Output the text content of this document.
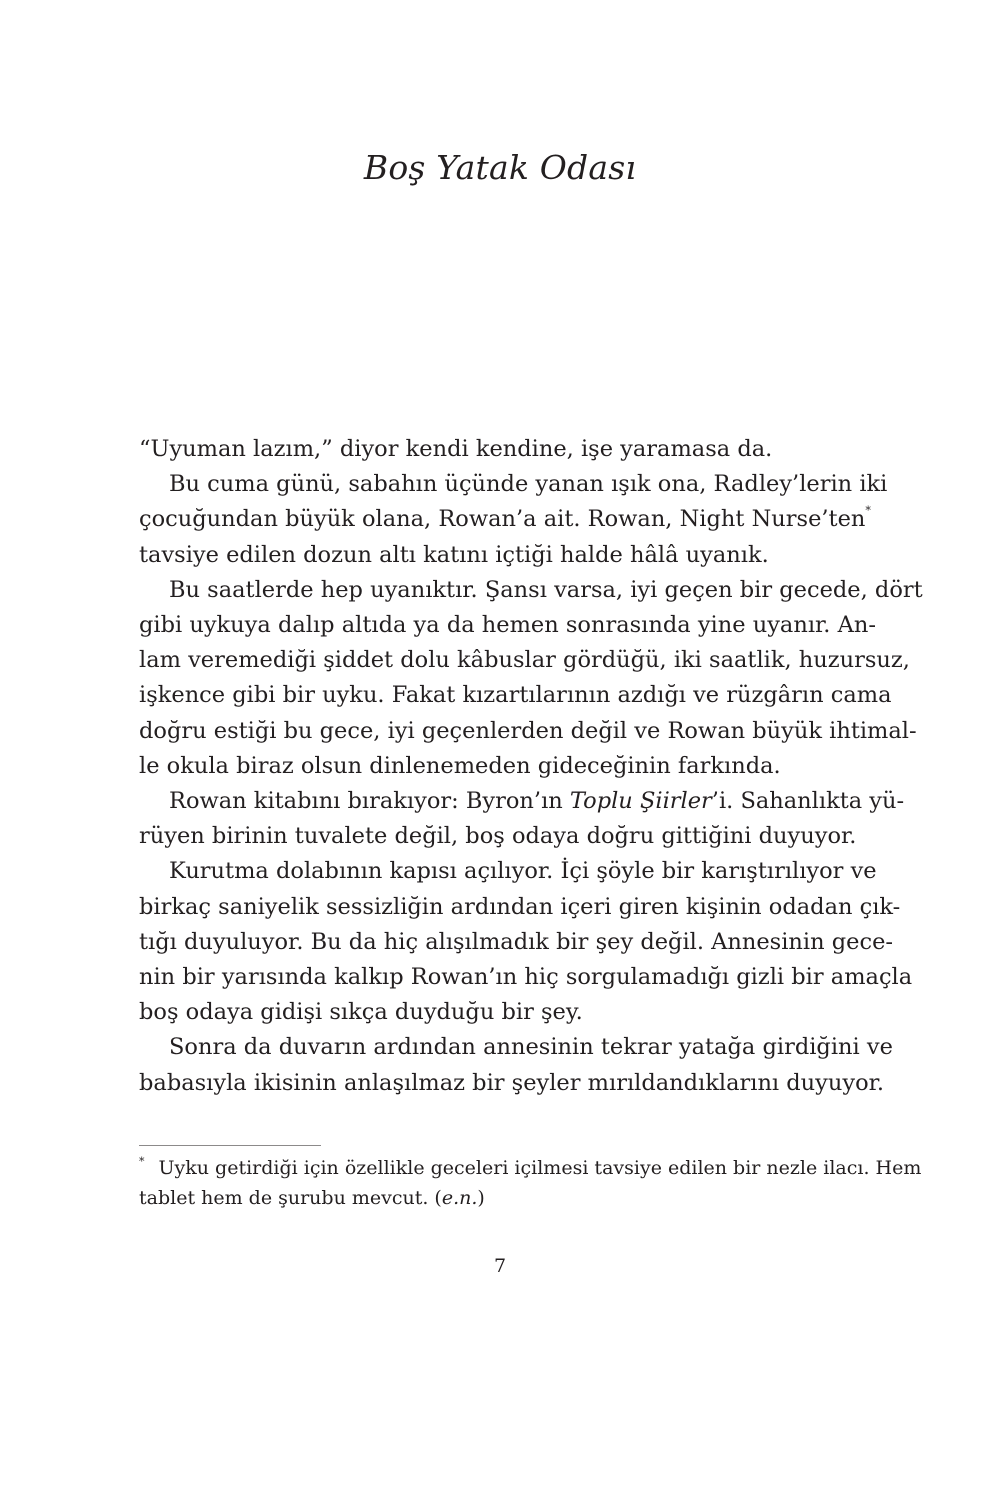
Boş Yatak Odası
“Uyuman lazım,” diyor kendi kendine, işe yaramasa da.
Bu cuma günü, sabahın üçünde yanan ışık ona, Radley’lerin iki
çocuğundan büyük olana, Rowan’a ait. Rowan, Night Nurse’ten*
tavsiye edilen dozun altı katını içtiği halde hâlâ uyanık.
Bu saatlerde hep uyanıktır. Şansı varsa, iyi geçen bir gecede, dört
gibi uykuya dalıp altıda ya da hemen sonrasında yine uyanır. An-
lam veremediği şiddet dolu kâbuslar gördüğü, iki saatlik, huzursuz,
işkence gibi bir uyku. Fakat kızartılarının azdığı ve rüzgârın cama
doğru estiği bu gece, iyi geçenlerden değil ve Rowan büyük ihtimal-
le okula biraz olsun dinlenemeden gideceğinin farkında.
Rowan kitabını bırakıyor: Byron’ın Toplu Şiirler’i. Sahanlıkta yü-
rüyen birinin tuvalete değil, boş odaya doğru gittiğini duyuyor.
Kurutma dolabının kapısı açılıyor. İçi şöyle bir karıştırılıyor ve
birkaç saniyelik sessizliğin ardından içeri giren kişinin odadan çık-
tığı duyuluyor. Bu da hiç alışılmadık bir şey değil. Annesinin gece-
nin bir yarısında kalkıp Rowan’ın hiç sorgulamadığı gizli bir amaçla
boş odaya gidişi sıkça duyduğu bir şey.
Sonra da duvarın ardından annesinin tekrar yatağa girdiğini ve
babasıyla ikisinin anlaşılmaz bir şeyler mırıldandıklarını duyuyor.
* Uyku getirdiği için özellikle geceleri içilmesi tavsiye edilen bir nezle ilacı. Hem
tablet hem de şurubu mevcut. (e.n.)
7
